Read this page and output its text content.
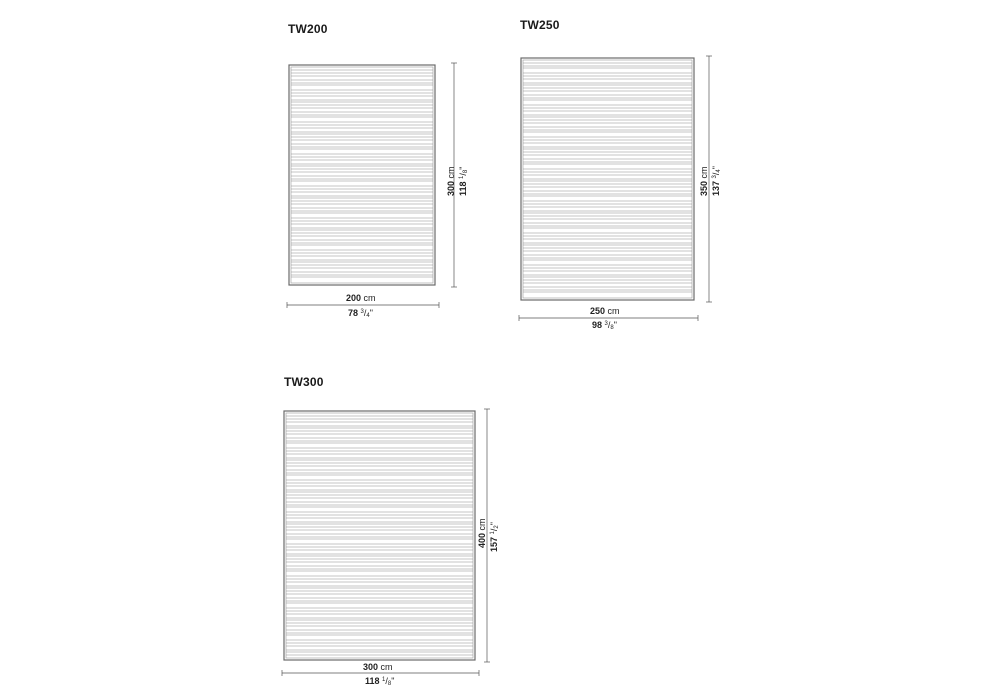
TW200
200 cm
78 $^3$/4"
300 cm
118 $^1$/8"
TW250
250 cm
98 $^3$/8"
350 cm
137 $^3$/4"
TW300
300 cm
118 $^1$/8"
400 cm
157 $^1$/2"
